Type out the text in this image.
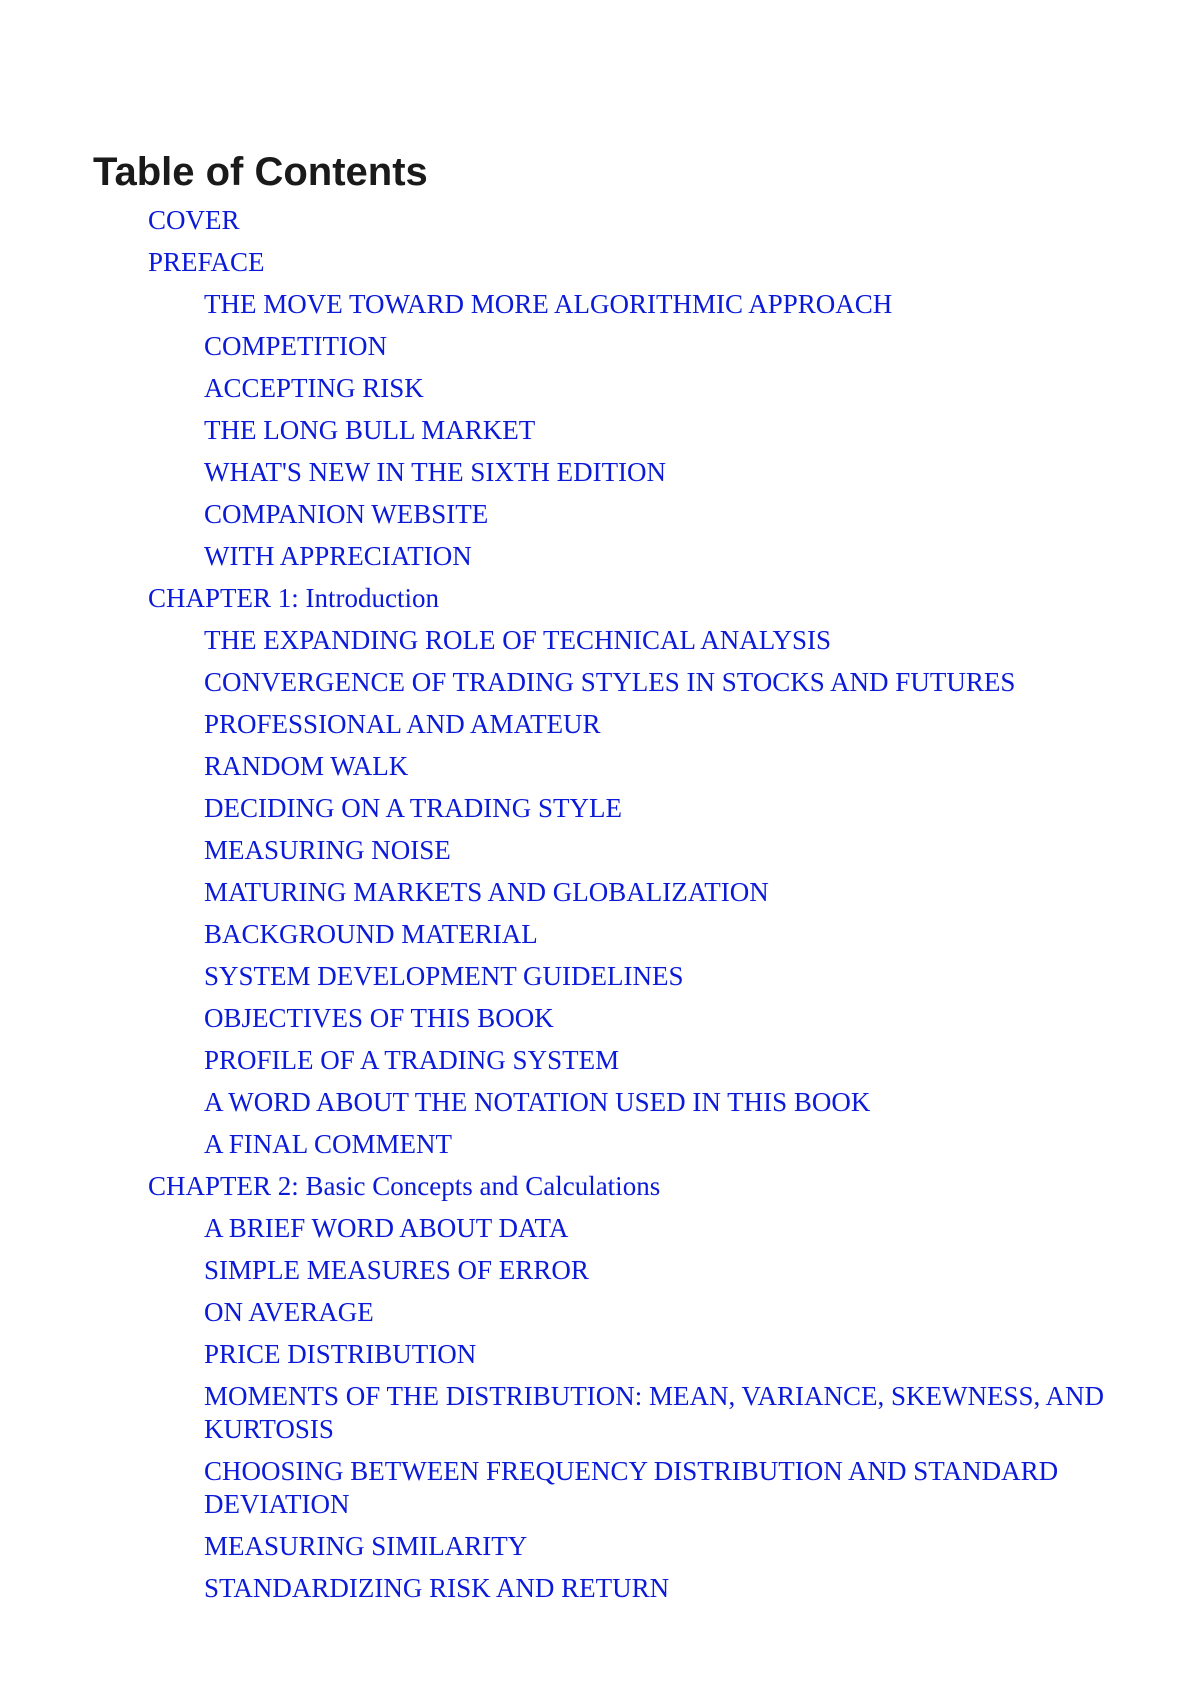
Table of Contents
COVER
PREFACE
THE MOVE TOWARD MORE ALGORITHMIC APPROACH
COMPETITION
ACCEPTING RISK
THE LONG BULL MARKET
WHAT'S NEW IN THE SIXTH EDITION
COMPANION WEBSITE
WITH APPRECIATION
CHAPTER 1: Introduction
THE EXPANDING ROLE OF TECHNICAL ANALYSIS
CONVERGENCE OF TRADING STYLES IN STOCKS AND FUTURES
PROFESSIONAL AND AMATEUR
RANDOM WALK
DECIDING ON A TRADING STYLE
MEASURING NOISE
MATURING MARKETS AND GLOBALIZATION
BACKGROUND MATERIAL
SYSTEM DEVELOPMENT GUIDELINES
OBJECTIVES OF THIS BOOK
PROFILE OF A TRADING SYSTEM
A WORD ABOUT THE NOTATION USED IN THIS BOOK
A FINAL COMMENT
CHAPTER 2: Basic Concepts and Calculations
A BRIEF WORD ABOUT DATA
SIMPLE MEASURES OF ERROR
ON AVERAGE
PRICE DISTRIBUTION
MOMENTS OF THE DISTRIBUTION: MEAN, VARIANCE, SKEWNESS, AND KURTOSIS
CHOOSING BETWEEN FREQUENCY DISTRIBUTION AND STANDARD DEVIATION
MEASURING SIMILARITY
STANDARDIZING RISK AND RETURN
